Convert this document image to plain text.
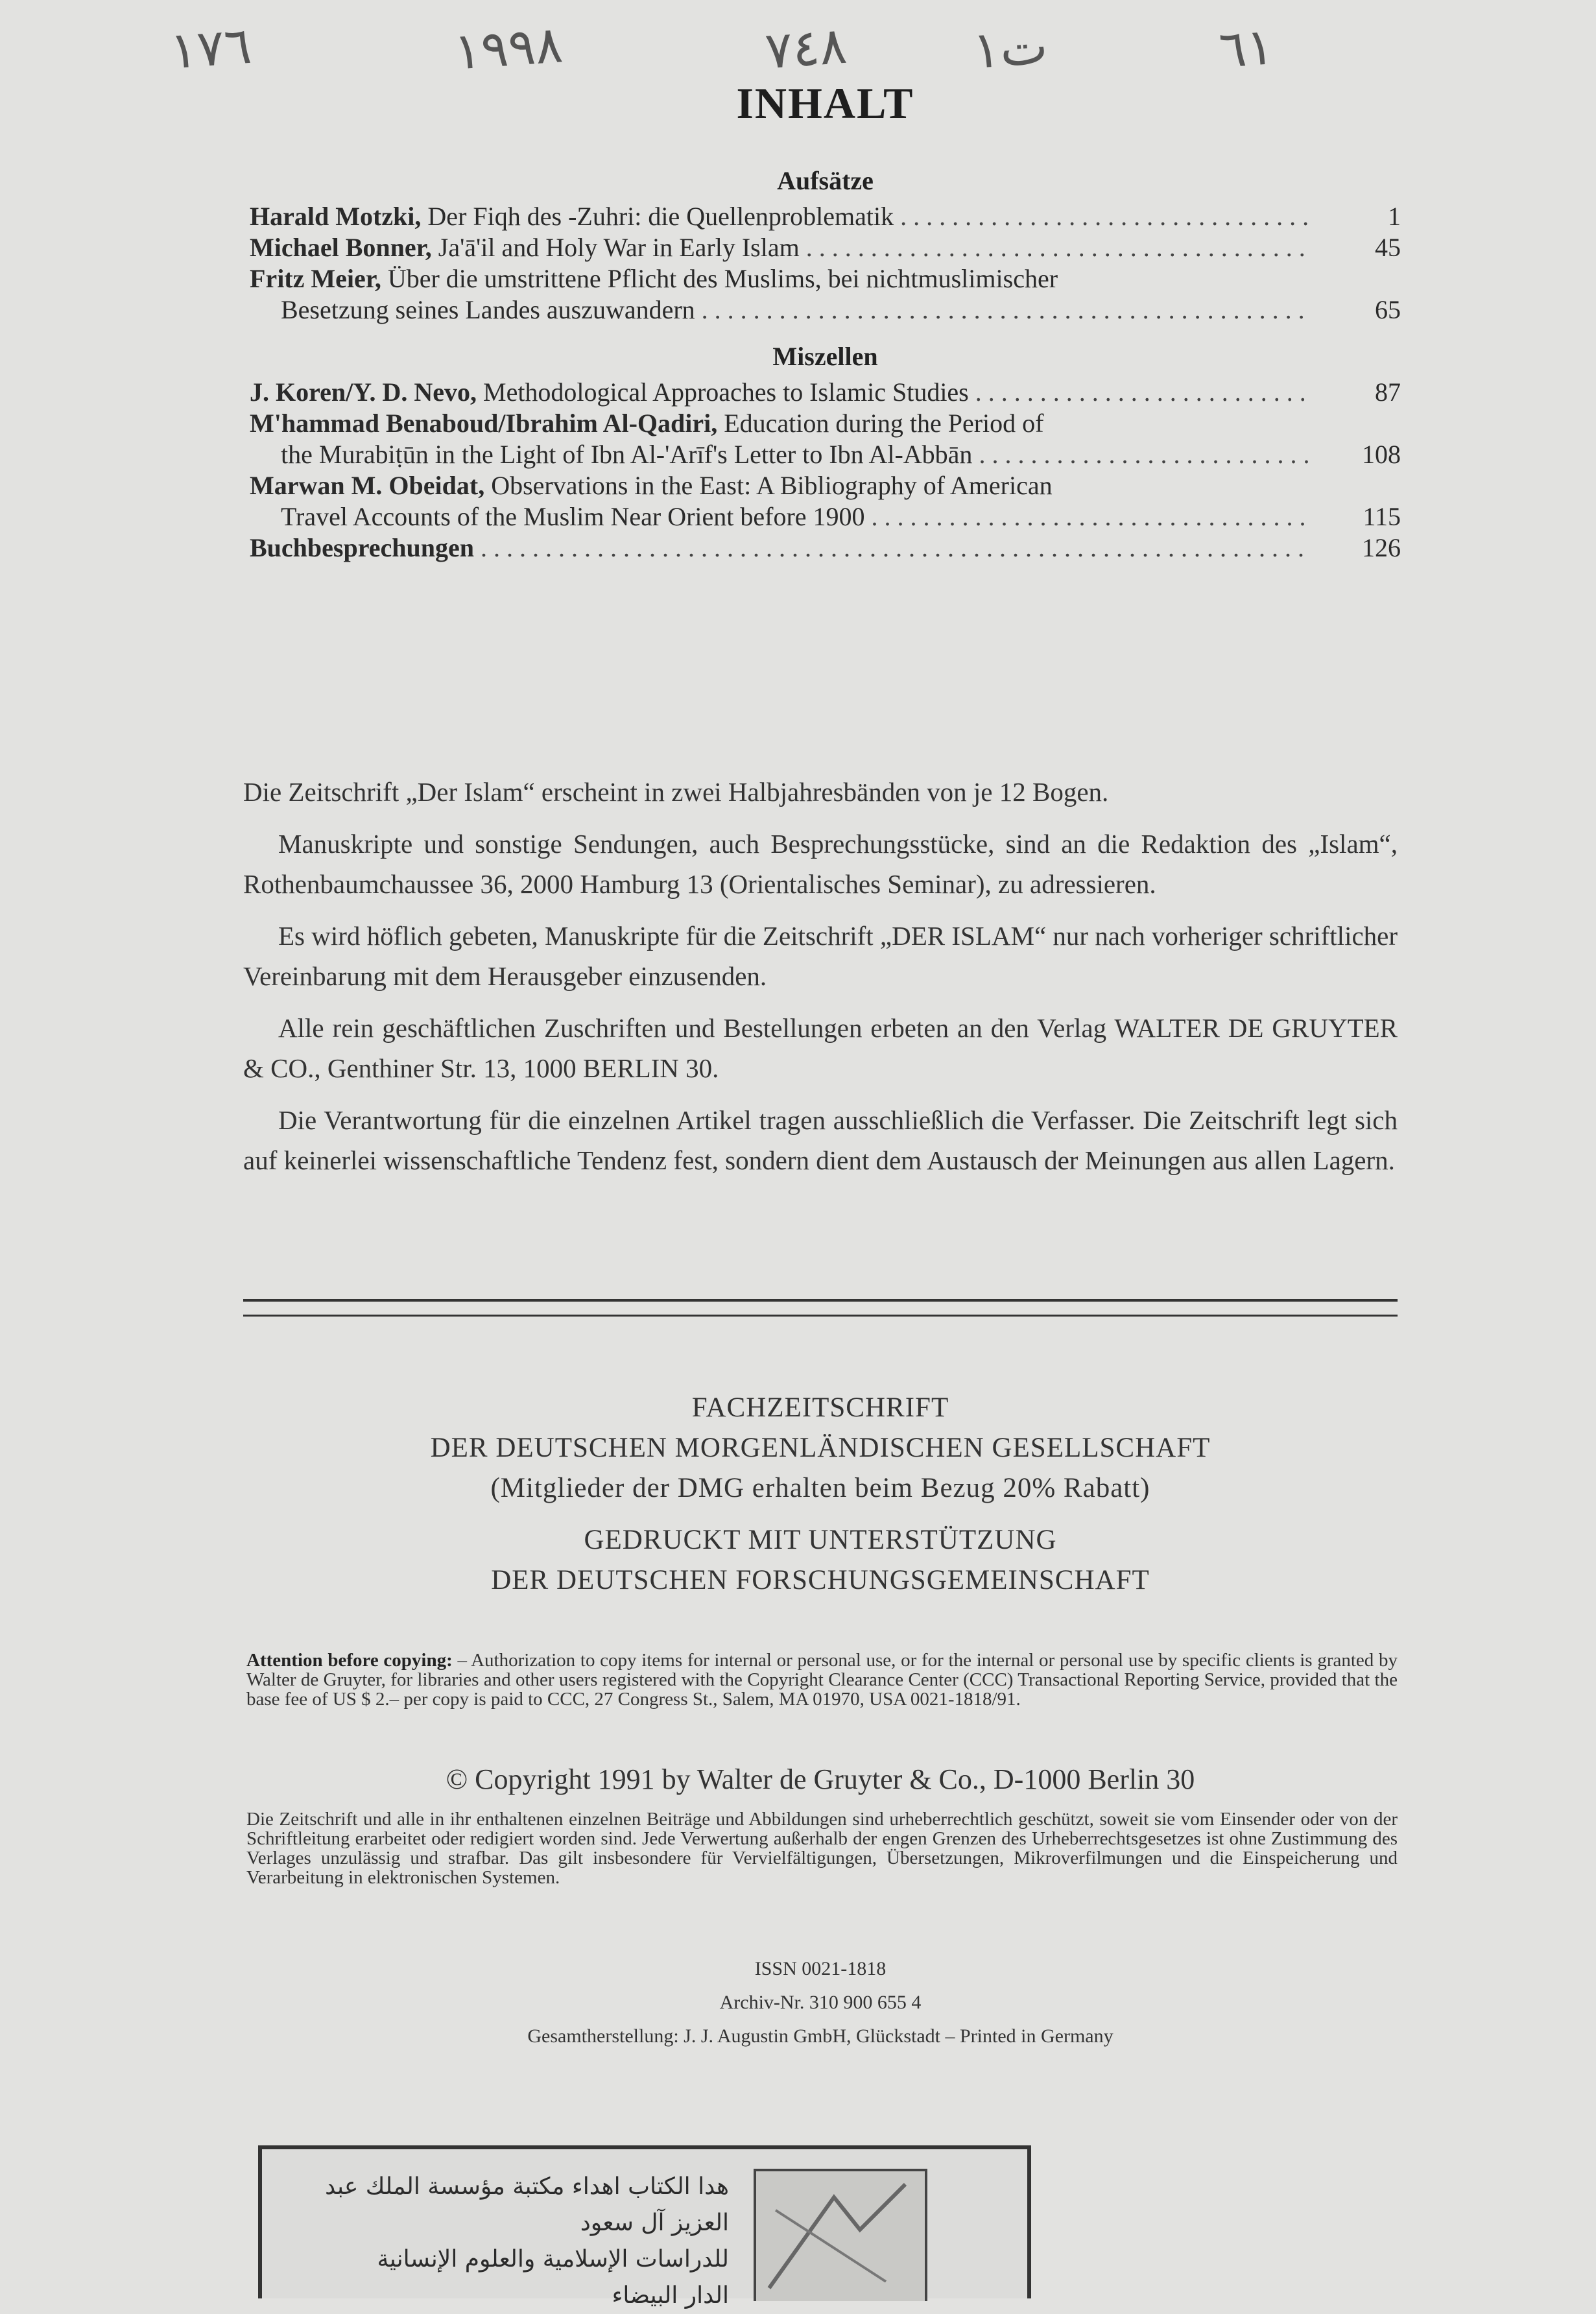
١٧٦	١٩٩٨	٧٤٨ ت١	٦١
INHALT
Aufsätze
Harald Motzki, Der Fiqh des -Zuhri: die Quellenproblematik . . .	1
Michael Bonner, Ja'ā'il and Holy War in Early Islam . . .	45
Fritz Meier, Über die umstrittene Pflicht des Muslims, bei nichtmuslimischer
Besetzung seines Landes auszuwandern . . .	65
Miszellen
J. Koren/Y. D. Nevo, Methodological Approaches to Islamic Studies . . .	87
M'hammad Benaboud/Ibrahim Al-Qadiri, Education during the Period of
the Murabiṭūn in the Light of Ibn Al-'Arīf's Letter to Ibn Al-Abbān . . .	108
Marwan M. Obeidat, Observations in the East: A Bibliography of American
Travel Accounts of the Muslim Near Orient before 1900 . . .	115
Buchbesprechungen . . .	126

Die Zeitschrift „Der Islam“ erscheint in zwei Halbjahresbänden von je 12 Bogen.

Manuskripte und sonstige Sendungen, auch Besprechungsstücke, sind an die Redaktion des „Islam“, Rothenbaumchaussee 36, 2000 Hamburg 13 (Orientalisches Seminar), zu adressieren.

Es wird höflich gebeten, Manuskripte für die Zeitschrift „DER ISLAM“ nur nach vorheriger schriftlicher Vereinbarung mit dem Herausgeber einzusenden.

Alle rein geschäftlichen Zuschriften und Bestellungen erbeten an den Verlag WALTER DE GRUYTER & CO., Genthiner Str. 13, 1000 BERLIN 30.

Die Verantwortung für die einzelnen Artikel tragen ausschließlich die Verfasser. Die Zeitschrift legt sich auf keinerlei wissenschaftliche Tendenz fest, sondern dient dem Austausch der Meinungen aus allen Lagern.

FACHZEITSCHRIFT
DER DEUTSCHEN MORGENLÄNDISCHEN GESELLSCHAFT
(Mitglieder der DMG erhalten beim Bezug 20% Rabatt)
GEDRUCKT MIT UNTERSTÜTZUNG
DER DEUTSCHEN FORSCHUNGSGEMEINSCHAFT
Attention before copying: – Authorization to copy items for internal or personal use, or for the internal or personal use by specific clients is granted by Walter de Gruyter, for libraries and other users registered with the Copyright Clearance Center (CCC) Transactional Reporting Service, provided that the base fee of US $ 2.– per copy is paid to CCC, 27 Congress St., Salem, MA 01970, USA 0021-1818/91.
© Copyright 1991 by Walter de Gruyter & Co., D-1000 Berlin 30
Die Zeitschrift und alle in ihr enthaltenen einzelnen Beiträge und Abbildungen sind urheberrechtlich geschützt, soweit sie vom Einsender oder von der Schriftleitung erarbeitet oder redigiert worden sind. Jede Verwertung außerhalb der engen Grenzen des Urheberrechtsgesetzes ist ohne Zustimmung des Verlages unzulässig und strafbar. Das gilt insbesondere für Vervielfältigungen, Übersetzungen, Mikroverfilmungen und die Einspeicherung und Verarbeitung in elektronischen Systemen.
ISSN 0021-1818
Archiv-Nr. 310 900 655 4
Gesamtherstellung: J. J. Augustin GmbH, Glückstadt – Printed in Germany
هدا الكتاب اهداء مكتبة مؤسسة الملك عبد العزيز آل سعود
للدراسات الإسلامية والعلوم الإنسانية
الدار البيضاء
